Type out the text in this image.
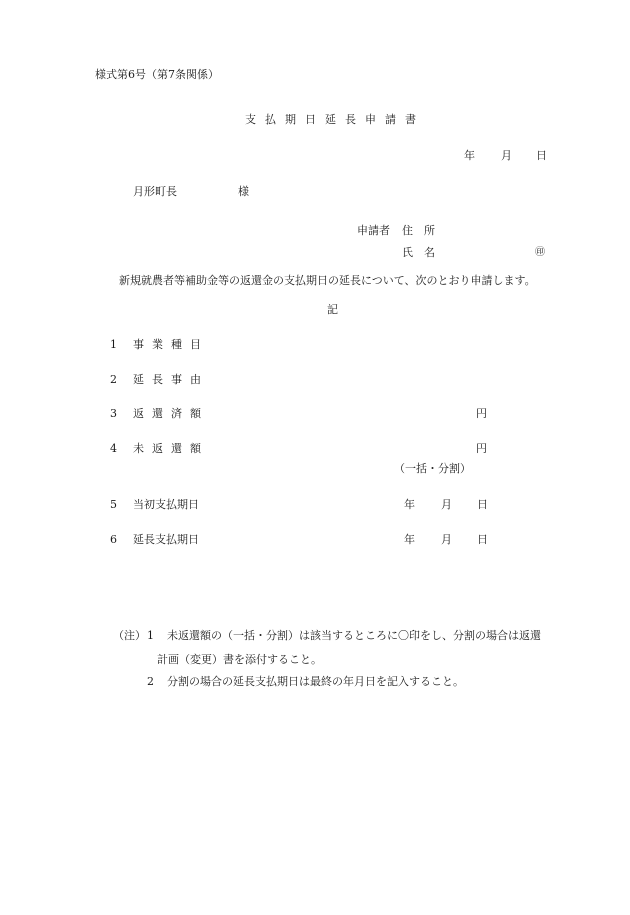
様式第6号（第7条関係）
支払期日延長申請書
年 月 日
月形町長	様
申請者 住　所
氏　名	㊞
新規就農者等補助金等の返還金の支払期日の延長について、次のとおり申請します。
記
1 事業種目
2 延長事由
3 返還済額	円
4 未返還額	円
（一括・分割）
5 当初支払期日	年 月 日
6 延長支払期日	年 月 日
（注） 1 未返還額の（一括・分割）は該当するところに〇印をし、分割の場合は返還
計画（変更）書を添付すること。
2 分割の場合の延長支払期日は最終の年月日を記入すること。
